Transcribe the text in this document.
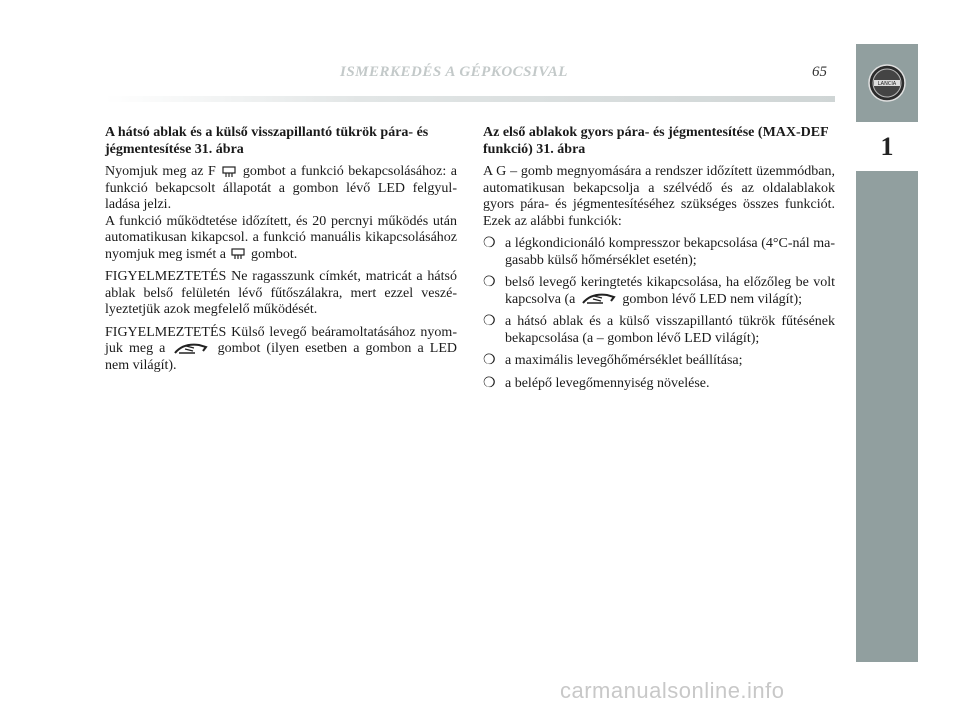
LANCIA
1
ISMERKEDÉS A GÉPKOCSIVAL	65
A hátsó ablak és a külső visszapillantó tükrök pára- és jégmentesítése 31. ábra

Nyomjuk meg az F gombot a funkció bekapcsolásához: a funkció bekapcsolt állapotát a gombon lévő LED felgyulladása jelzi.

A funkció működtetése időzített, és 20 percnyi működés után automatikusan kikapcsol. a funkció manuális kikapcsolásához nyomjuk meg ismét a gombot.

FIGYELMEZTETÉS Ne ragasszunk címkét, matricát a hátsó ablak belső felületén lévő fűtőszálakra, mert ezzel veszélyeztetjük azok megfelelő működését.

FIGYELMEZTETÉS Külső levegő beáramoltatásához nyomjuk meg a	gombot (ilyen esetben a gombon a LED nem világít).

Az első ablakok gyors pára- és jégmentesítése (MAX-DEF funkció) 31. ábra

A G – gomb megnyomására a rendszer időzített üzemmódban, automatikusan bekapcsolja a szélvédő és az oldalablakok gyors pára- és jégmentesítéséhez szükséges összes funkciót. Ezek az alábbi funkciók:

❍ a légkondicionáló kompresszor bekapcsolása (4°C-nál magasabb külső hőmérséklet esetén);
❍ belső levegő keringtetés kikapcsolása, ha előzőleg be volt kapcsolva (a	gombon lévő LED nem világít);
❍ a hátsó ablak és a külső visszapillantó tükrök fűtésének bekapcsolása (a – gombon lévő LED világít);
❍ a maximális levegőhőmérséklet beállítása;
❍ a belépő levegőmennyiség növelése.
carmanualsonline.info
